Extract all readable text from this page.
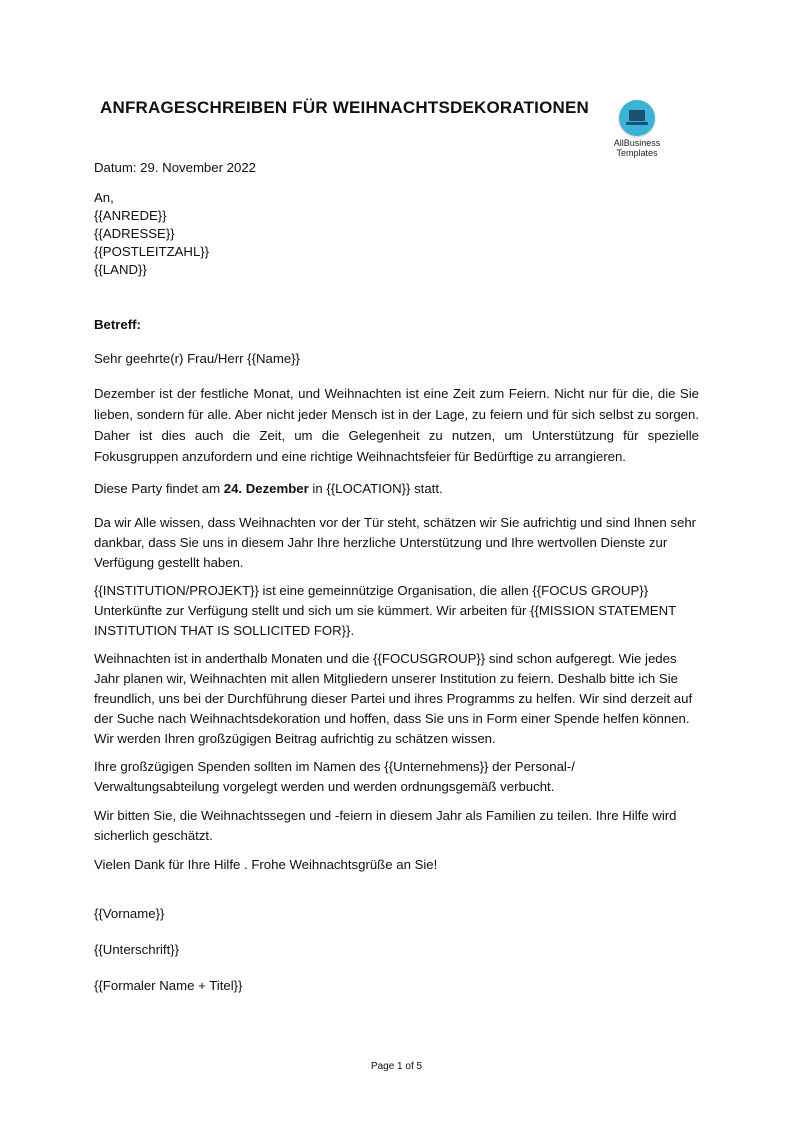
ANFRAGESCHREIBEN FÜR WEIHNACHTSDEKORATIONEN
AllBusiness
Templates
Datum: 29. November 2022
An,
{{ANREDE}}
{{ADRESSE}}
{{POSTLEITZAHL}}
{{LAND}}
Betreff:
Sehr geehrte(r) Frau/Herr {{Name}}

Dezember ist der festliche Monat, und Weihnachten ist eine Zeit zum Feiern. Nicht nur für die, die Sie lieben, sondern für alle. Aber nicht jeder Mensch ist in der Lage, zu feiern und für sich selbst zu sorgen. Daher ist dies auch die Zeit, um die Gelegenheit zu nutzen, um Unterstützung für spezielle Fokusgruppen anzufordern und eine richtige Weihnachtsfeier für Bedürftige zu arrangieren.

Diese Party findet am 24. Dezember in {{LOCATION}} statt.

Da wir Alle wissen, dass Weihnachten vor der Tür steht, schätzen wir Sie aufrichtig und sind Ihnen sehr dankbar, dass Sie uns in diesem Jahr Ihre herzliche Unterstützung und Ihre wertvollen Dienste zur Verfügung gestellt haben.

{{INSTITUTION/PROJEKT}} ist eine gemeinnützige Organisation, die allen {{FOCUS GROUP}} Unterkünfte zur Verfügung stellt und sich um sie kümmert. Wir arbeiten für {{MISSION STATEMENT INSTITUTION THAT IS SOLLICITED FOR}}.

Weihnachten ist in anderthalb Monaten und die {{FOCUSGROUP}} sind schon aufgeregt. Wie jedes Jahr planen wir, Weihnachten mit allen Mitgliedern unserer Institution zu feiern. Deshalb bitte ich Sie freundlich, uns bei der Durchführung dieser Partei und ihres Programms zu helfen. Wir sind derzeit auf der Suche nach Weihnachtsdekoration und hoffen, dass Sie uns in Form einer Spende helfen können. Wir werden Ihren großzügigen Beitrag aufrichtig zu schätzen wissen.

Ihre großzügigen Spenden sollten im Namen des {{Unternehmens}} der Personal-/ Verwaltungsabteilung vorgelegt werden und werden ordnungsgemäß verbucht.

Wir bitten Sie, die Weihnachtssegen und -feiern in diesem Jahr als Familien zu teilen. Ihre Hilfe wird sicherlich geschätzt.

Vielen Dank für Ihre Hilfe . Frohe Weihnachtsgrüße an Sie!

{{Vorname}}
{{Unterschrift}}
{{Formaler Name + Titel}}
Page 1 of 5
